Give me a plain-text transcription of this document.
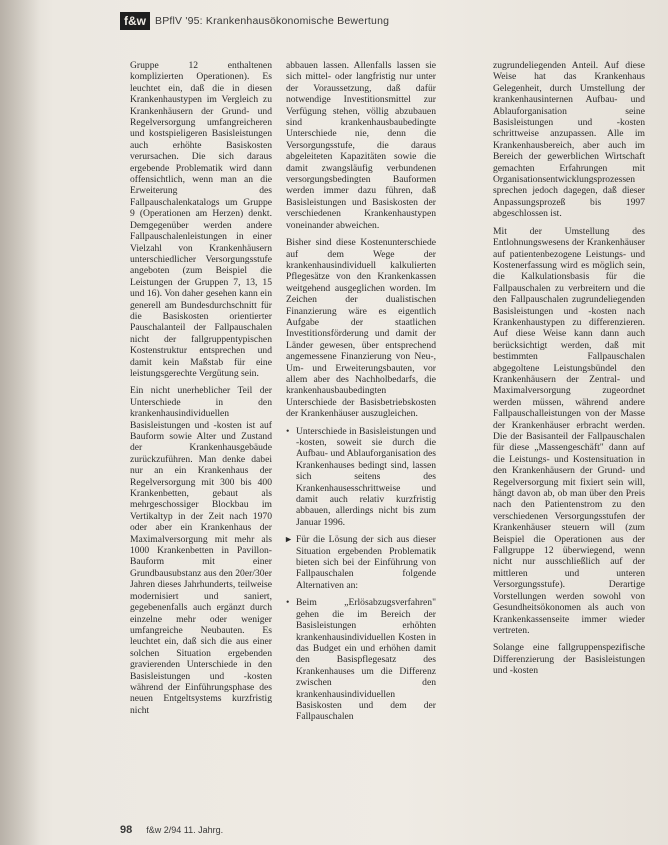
f&w BPflV '95: Krankenhausökonomische Bewertung

Gruppe 12 enthaltenen komplizierten Operationen). Es leuchtet ein, daß die in diesen Krankenhaustypen im Vergleich zu Krankenhäusern der Grund- und Regelversorgung umfangreicheren und kostspieligeren Basisleistungen auch erhöhte Basiskosten verursachen. Die sich daraus ergebende Problematik wird dann offensichtlich, wenn man an die Erweiterung des Fallpauschalenkatalogs um Gruppe 9 (Operationen am Herzen) denkt. Demgegenüber werden andere Fallpauschalenleistungen in einer Vielzahl von Krankenhäusern unterschiedlicher Versorgungsstufe angeboten (zum Beispiel die Leistungen der Gruppen 7, 13, 15 und 16). Von daher gesehen kann ein generell am Bundesdurchschnitt für die Basiskosten orientierter Pauschalanteil der Fallpauschalen nicht der fallgruppentypischen Kostenstruktur entsprechen und damit kein Maßstab für eine leistungsgerechte Vergütung sein.

Ein nicht unerheblicher Teil der Unterschiede in den krankenhausindividuellen Basisleistungen und -kosten ist auf Bauform sowie Alter und Zustand der Krankenhausgebäude zurückzuführen. Man denke dabei nur an ein Krankenhaus der Regelversorgung mit 300 bis 400 Krankenbetten, gebaut als mehrgeschossiger Blockbau im Vertikaltyp in der Zeit nach 1970 oder aber ein Krankenhaus der Maximalversorgung mit mehr als 1000 Krankenbetten in Pavillon-Bauform mit einer Grundbausubstanz aus den 20er/30er Jahren dieses Jahrhunderts, teilweise modernisiert und saniert, gegebenenfalls auch ergänzt durch einzelne mehr oder weniger umfangreiche Neubauten. Es leuchtet ein, daß sich die aus einer solchen Situation ergebenden gravierenden Unterschiede in den Basisleistungen und -kosten während der Einführungsphase des neuen Entgeltsystems kurzfristig nicht

abbauen lassen. Allenfalls lassen sie sich mittel- oder langfristig nur unter der Voraussetzung, daß dafür notwendige Investitionsmittel zur Verfügung stehen, völlig abzubauen sind krankenhausbaubedingte Unterschiede nie, denn die Versorgungsstufe, die daraus abgeleiteten Kapazitäten sowie die damit zwangsläufig verbundenen versorgungsbedingten Bauformen werden immer dazu führen, daß Basisleistungen und Basiskosten der verschiedenen Krankenhaustypen voneinander abweichen.

Bisher sind diese Kostenunterschiede auf dem Wege der krankenhausindividuell kalkulierten Pflegesätze von den Krankenkassen weitgehend ausgeglichen worden. Im Zeichen der dualistischen Finanzierung wäre es eigentlich Aufgabe der staatlichen Investitionsförderung und damit der Länder gewesen, über entsprechend angemessene Finanzierung von Neu-, Um- und Erweiterungsbauten, vor allem aber des Nachholbedarfs, die krankenhausbaubedingten Unterschiede der Basisbetriebskosten der Krankenhäuser auszugleichen.

• Unterschiede in Basisleistungen und -kosten, soweit sie durch die Aufbau- und Ablauforganisation des Krankenhauses bedingt sind, lassen sich seitens des Krankenhausesschrittweise und damit auch relativ kurzfristig abbauen, allerdings nicht bis zum Januar 1996.

▸ Für die Lösung der sich aus dieser Situation ergebenden Problematik bieten sich bei der Einführung von Fallpauschalen folgende Alternativen an:

• Beim „Erlösabzugsverfahren" gehen die im Bereich der Basisleistungen erhöhten krankenhausindividuellen Kosten in das Budget ein und erhöhen damit den Basispflegesatz des Krankenhauses um die Differenz zwischen den krankenhausindividuellen Basiskosten und dem der Fallpauschalen

zugrundeliegenden Anteil. Auf diese Weise hat das Krankenhaus Gelegenheit, durch Umstellung der krankenhausinternen Aufbau- und Ablauforganisation seine Basisleistungen und -kosten schrittweise anzupassen. Alle im Krankenhausbereich, aber auch im Bereich der gewerblichen Wirtschaft gemachten Erfahrungen mit Organisationsentwicklungsprozessen sprechen jedoch dagegen, daß dieser Anpassungsprozeß bis 1997 abgeschlossen ist.

Mit der Umstellung des Entlohnungswesens der Krankenhäuser auf patientenbezogene Leistungs- und Kostenerfassung wird es möglich sein, die Kalkulationsbasis für die Fallpauschalen zu verbreitern und die den Fallpauschalen zugrundeliegenden Basisleistungen und -kosten nach Krankenhaustypen zu differenzieren. Auf diese Weise kann dann auch berücksichtigt werden, daß mit bestimmten Fallpauschalen abgegoltene Leistungsbündel den Krankenhäusern der Zentral- und Maximalversorgung zugeordnet werden müssen, während andere Fallpauschalleistungen von der Masse der Krankenhäuser erbracht werden. Die der Basisanteil der Fallpauschalen für diese „Massengeschäft" dann auf die Leistungs- und Kostensituation in den Krankenhäusern der Grund- und Regelversorgung mit fixiert sein will, hängt davon ab, ob man über den Preis nach den Patientenstrom zu den verschiedenen Versorgungsstufen der Krankenhäuser steuern will (zum Beispiel die Operationen aus der Fallgruppe 12 überwiegend, wenn nicht nur ausschließlich auf der mittleren und unteren Versorgungsstufe). Derartige Vorstellungen werden sowohl von Gesundheitsökonomen als auch von Krankenkassenseite immer wieder vertreten.

Solange eine fallgruppenspezifische Differenzierung der Basisleistungen und -kosten

98 f&w 2/94 11. Jahrg.
